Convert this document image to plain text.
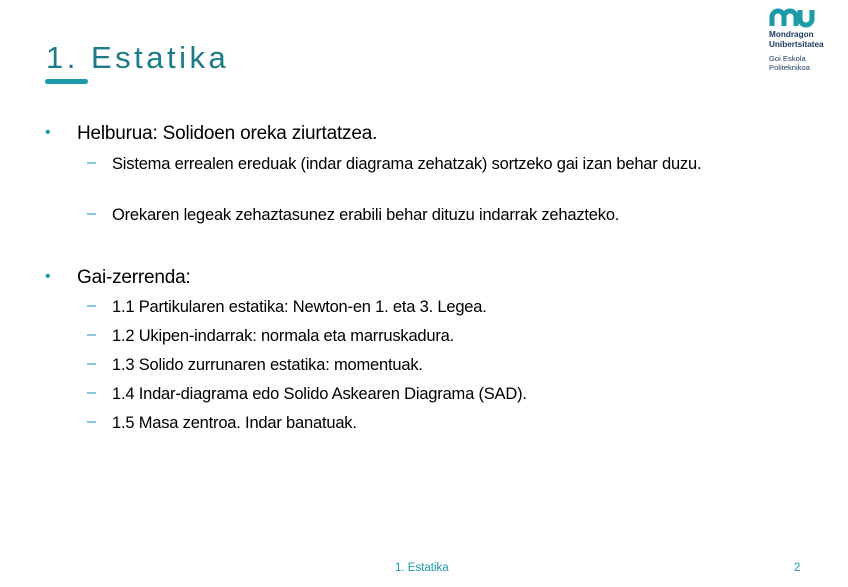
1. Estatika
Mondragon
Unibertsitatea
Goi Eskola
Politeknikoa
• Helburua: Solidoen oreka ziurtatzea.
– Sistema errealen ereduak (indar diagrama zehatzak) sortzeko gai izan behar duzu.
– Orekaren legeak zehaztasunez erabili behar dituzu indarrak zehazteko.
• Gai-zerrenda:
– 1.1 Partikularen estatika: Newton-en 1. eta 3. Legea.
– 1.2 Ukipen-indarrak: normala eta marruskadura.
– 1.3 Solido zurrunaren estatika: momentuak.
– 1.4 Indar-diagrama edo Solido Askearen Diagrama (SAD).
– 1.5 Masa zentroa. Indar banatuak.
1. Estatika	2
